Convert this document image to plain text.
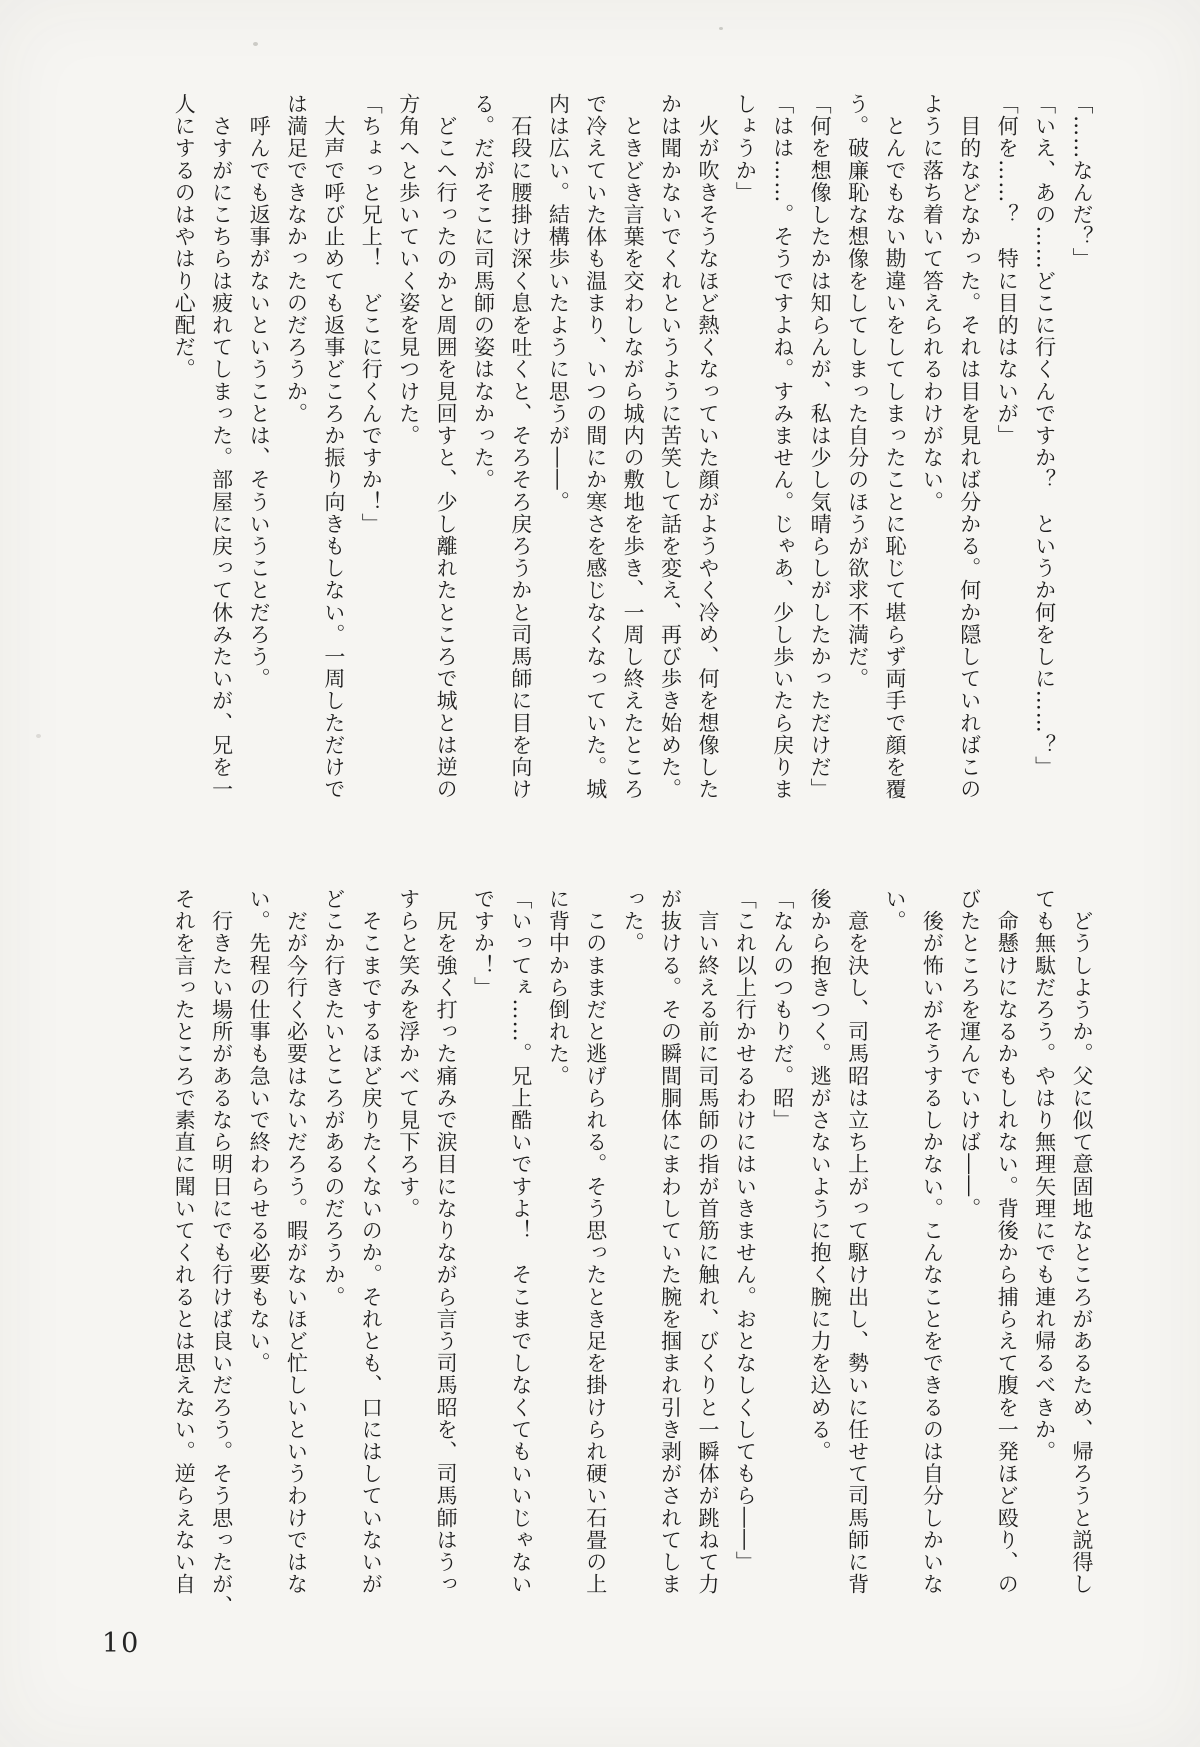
「……なんだ？」

「いえ、あの……どこに行くんですか？　というか何をしに……？」

「何を……？　特に目的はないが」

　目的などなかった。それは目を見れば分かる。何か隠していればこの

ように落ち着いて答えられるわけがない。

　とんでもない勘違いをしてしまったことに恥じて堪らず両手で顔を覆

う。破廉恥な想像をしてしまった自分のほうが欲求不満だ。

「何を想像したかは知らんが、私は少し気晴らしがしたかっただけだ」

「はは……。そうですよね。すみません。じゃあ、少し歩いたら戻りま

しょうか」

　火が吹きそうなほど熱くなっていた顔がようやく冷め、何を想像した

かは聞かないでくれというように苦笑して話を変え、再び歩き始めた。

　ときどき言葉を交わしながら城内の敷地を歩き、一周し終えたところ

で冷えていた体も温まり、いつの間にか寒さを感じなくなっていた。城

内は広い。結構歩いたように思うが――。

　石段に腰掛け深く息を吐くと、そろそろ戻ろうかと司馬師に目を向け

る。だがそこに司馬師の姿はなかった。

　どこへ行ったのかと周囲を見回すと、少し離れたところで城とは逆の

方角へと歩いていく姿を見つけた。

「ちょっと兄上！　どこに行くんですか！」

　大声で呼び止めても返事どころか振り向きもしない。一周しただけで

は満足できなかったのだろうか。

　呼んでも返事がないということは、そういうことだろう。

　さすがにこちらは疲れてしまった。部屋に戻って休みたいが、兄を一

人にするのはやはり心配だ。

　どうしようか。父に似て意固地なところがあるため、帰ろうと説得し

ても無駄だろう。やはり無理矢理にでも連れ帰るべきか。

　命懸けになるかもしれない。背後から捕らえて腹を一発ほど殴り、の

びたところを運んでいけば――。

　後が怖いがそうするしかない。こんなことをできるのは自分しかいな

い。

　意を決し、司馬昭は立ち上がって駆け出し、勢いに任せて司馬師に背

後から抱きつく。逃がさないように抱く腕に力を込める。

「なんのつもりだ。昭」

「これ以上行かせるわけにはいきません。おとなしくしてもら――」

　言い終える前に司馬師の指が首筋に触れ、びくりと一瞬体が跳ねて力

が抜ける。その瞬間胴体にまわしていた腕を掴まれ引き剥がされてしま

った。

　このままだと逃げられる。そう思ったとき足を掛けられ硬い石畳の上

に背中から倒れた。

「いってぇ……。兄上酷いですよ！　そこまでしなくてもいいじゃない

ですか！」

　尻を強く打った痛みで涙目になりながら言う司馬昭を、司馬師はうっ

すらと笑みを浮かべて見下ろす。

　そこまでするほど戻りたくないのか。それとも、口にはしていないが

どこか行きたいところがあるのだろうか。

　だが今行く必要はないだろう。暇がないほど忙しいというわけではな

い。先程の仕事も急いで終わらせる必要もない。

　行きたい場所があるなら明日にでも行けば良いだろう。そう思ったが、

それを言ったところで素直に聞いてくれるとは思えない。逆らえない自

10
